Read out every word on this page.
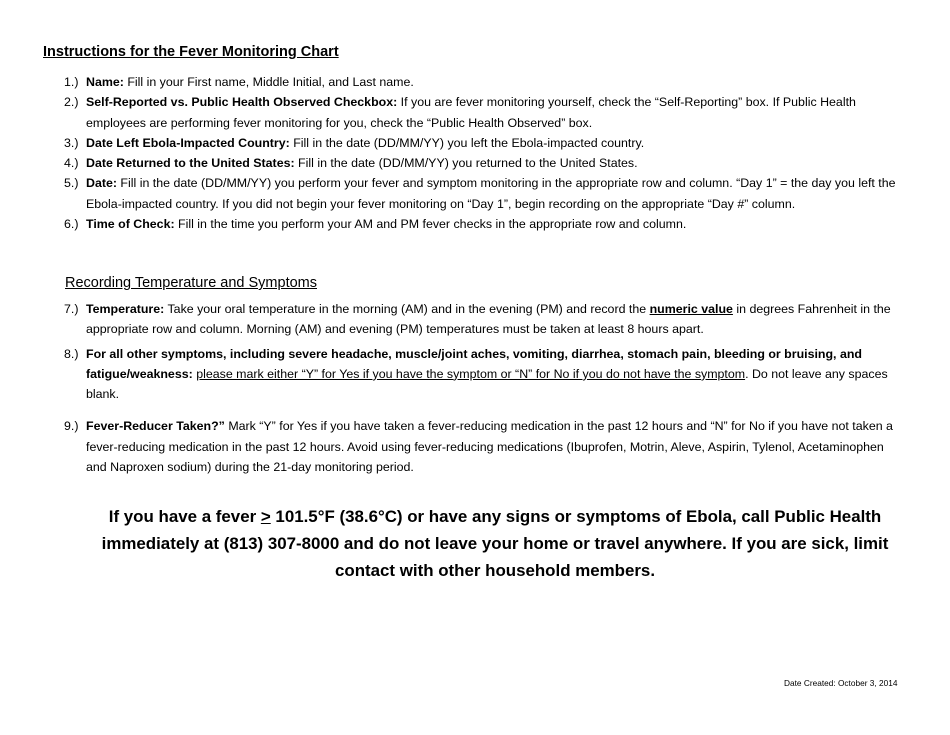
Instructions for the Fever Monitoring Chart
1.) Name: Fill in your First name, Middle Initial, and Last name.
2.) Self-Reported vs. Public Health Observed Checkbox: If you are fever monitoring yourself, check the “Self-Reporting” box. If Public Health employees are performing fever monitoring for you, check the “Public Health Observed” box.
3.) Date Left Ebola-Impacted Country: Fill in the date (DD/MM/YY) you left the Ebola-impacted country.
4.) Date Returned to the United States: Fill in the date (DD/MM/YY) you returned to the United States.
5.) Date: Fill in the date (DD/MM/YY) you perform your fever and symptom monitoring in the appropriate row and column. “Day 1” = the day you left the Ebola-impacted country. If you did not begin your fever monitoring on “Day 1”, begin recording on the appropriate “Day #” column.
6.) Time of Check: Fill in the time you perform your AM and PM fever checks in the appropriate row and column.
Recording Temperature and Symptoms
7.) Temperature: Take your oral temperature in the morning (AM) and in the evening (PM) and record the numeric value in degrees Fahrenheit in the appropriate row and column. Morning (AM) and evening (PM) temperatures must be taken at least 8 hours apart.
8.) For all other symptoms, including severe headache, muscle/joint aches, vomiting, diarrhea, stomach pain, bleeding or bruising, and fatigue/weakness: please mark either “Y” for Yes if you have the symptom or “N” for No if you do not have the symptom. Do not leave any spaces blank.
9.) Fever-Reducer Taken?” Mark “Y” for Yes if you have taken a fever-reducing medication in the past 12 hours and “N” for No if you have not taken a fever-reducing medication in the past 12 hours. Avoid using fever-reducing medications (Ibuprofen, Motrin, Aleve, Aspirin, Tylenol, Acetaminophen and Naproxen sodium) during the 21-day monitoring period.
If you have a fever ≥ 101.5°F (38.6°C) or have any signs or symptoms of Ebola, call Public Health immediately at (813) 307-8000 and do not leave your home or travel anywhere. If you are sick, limit contact with other household members.
Date Created: October 3, 2014
